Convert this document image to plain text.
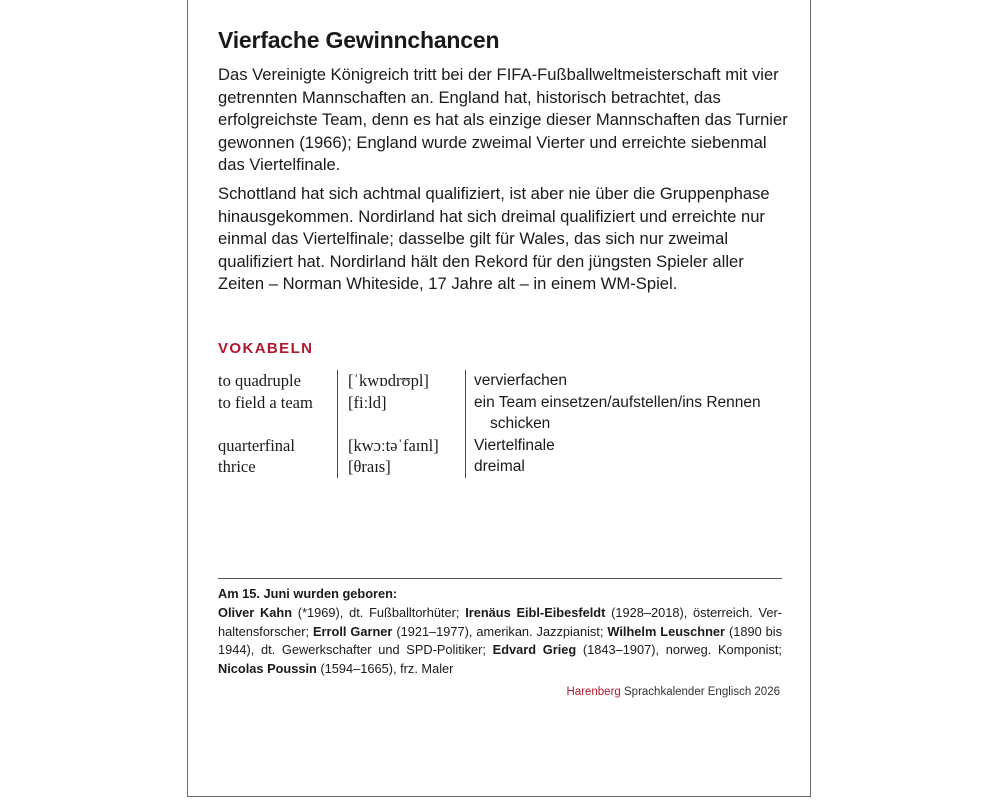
Vierfache Gewinnchancen

Das Vereinigte Königreich tritt bei der FIFA-Fußballweltmeisterschaft mit vier getrennten Mannschaften an. England hat, historisch betrachtet, das erfolgreichste Team, denn es hat als einzige dieser Mannschaften das Turnier gewonnen (1966); England wurde zweimal Vierter und erreichte siebenmal das Viertelfinale.

Schottland hat sich achtmal qualifiziert, ist aber nie über die Gruppenphase hinausgekommen. Nordirland hat sich dreimal qualifiziert und erreichte nur einmal das Viertelfinale; dasselbe gilt für Wales, das sich nur zweimal qualifiziert hat. Nordirland hält den Rekord für den jüngsten Spieler aller Zeiten – Norman Whiteside, 17 Jahre alt – in einem WM-Spiel.

VOKABELN
to quadruple	[ˈkwɒdrʊpl]	vervierfachen
to field a team	[fiːld]	ein Team einsetzen/aufstellen/ins Rennen
schicken
quarterfinal	[kwɔːtəˈfaɪnl]	Viertelfinale
thrice	[θraɪs]	dreimal
Am 15. Juni wurden geboren:

Oliver Kahn (*1969), dt. Fußballtorhüter; Irenäus Eibl-Eibesfeldt (1928–2018), österreich. Verhaltensforscher; Erroll Garner (1921–1977), amerikan. Jazzpianist; Wilhelm Leuschner (1890 bis 1944), dt. Gewerkschafter und SPD-Politiker; Edvard Grieg (1843–1907), norweg. Komponist; Nicolas Poussin (1594–1665), frz. Maler

Harenberg Sprachkalender Englisch 2026
